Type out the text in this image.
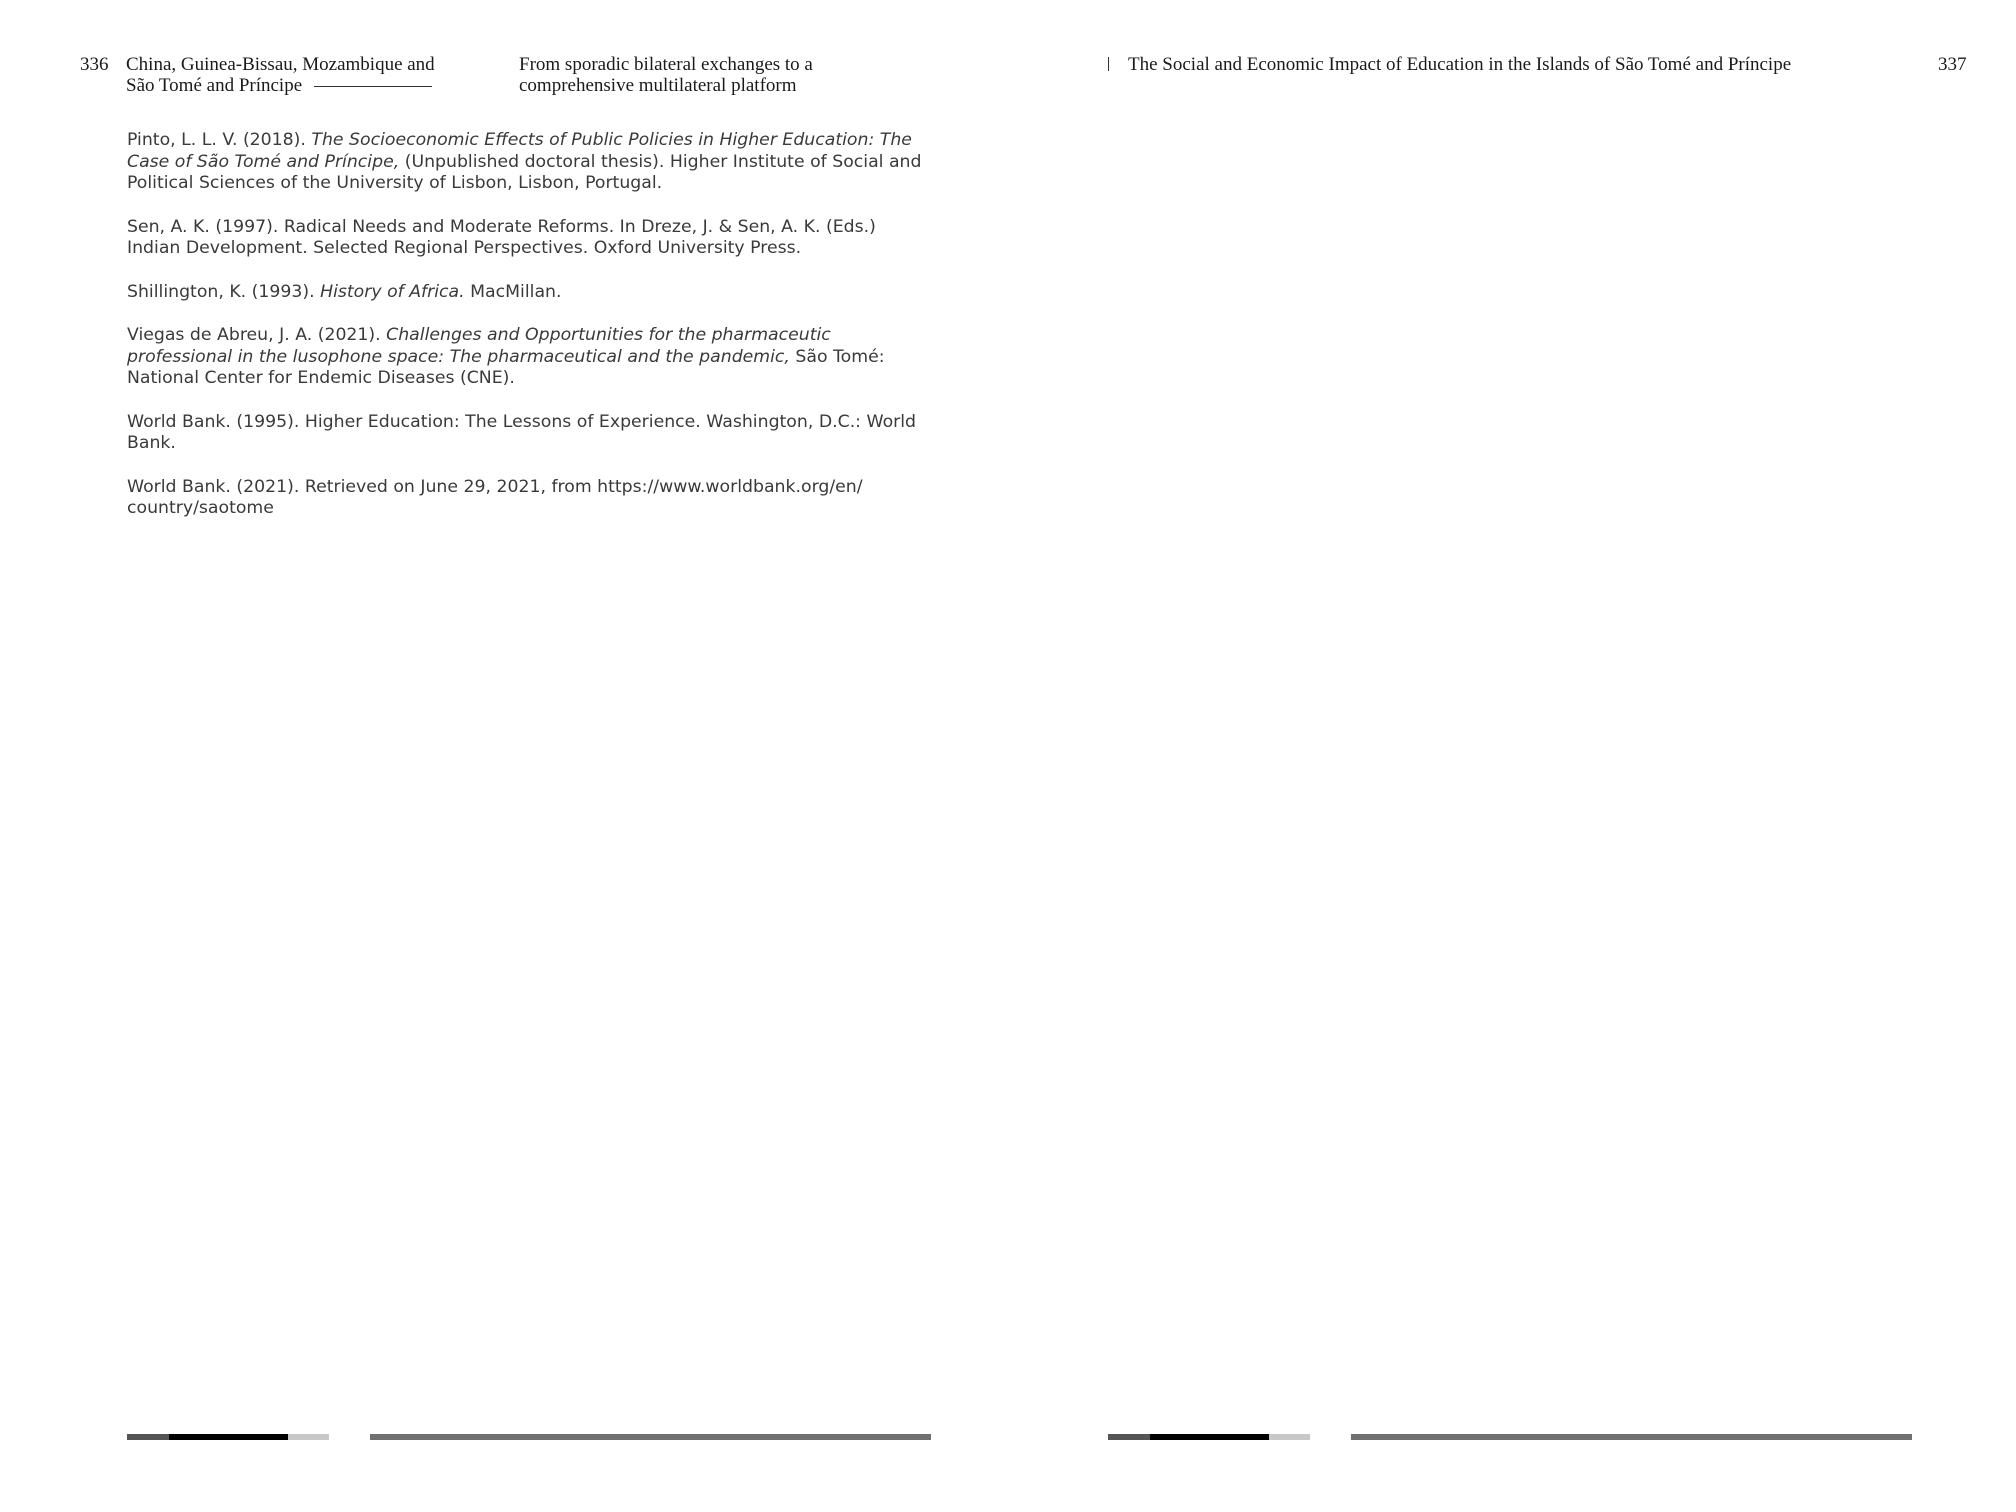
336 China, Guinea-Bissau, Mozambique and
São Tomé and Príncipe
From sporadic bilateral exchanges to a
comprehensive multilateral platform
The Social and Economic Impact of Education in the Islands of São Tomé and Príncipe	337
Pinto, L. L. V. (2018). The Socioeconomic Effects of Public Policies in Higher Education: The Case of São Tomé and Príncipe, (Unpublished doctoral thesis). Higher Institute of Social and Political Sciences of the University of Lisbon, Lisbon, Portugal.
Sen, A. K. (1997). Radical Needs and Moderate Reforms. In Dreze, J. & Sen, A. K. (Eds.) Indian Development. Selected Regional Perspectives. Oxford University Press.
Shillington, K. (1993). History of Africa. MacMillan.
Viegas de Abreu, J. A. (2021). Challenges and Opportunities for the pharmaceutic professional in the lusophone space: The pharmaceutical and the pandemic, São Tomé: National Center for Endemic Diseases (CNE).
World Bank. (1995). Higher Education: The Lessons of Experience. Washington, D.C.: World Bank.
World Bank. (2021). Retrieved on June 29, 2021, from https://www.worldbank.org/en/ country/saotome
